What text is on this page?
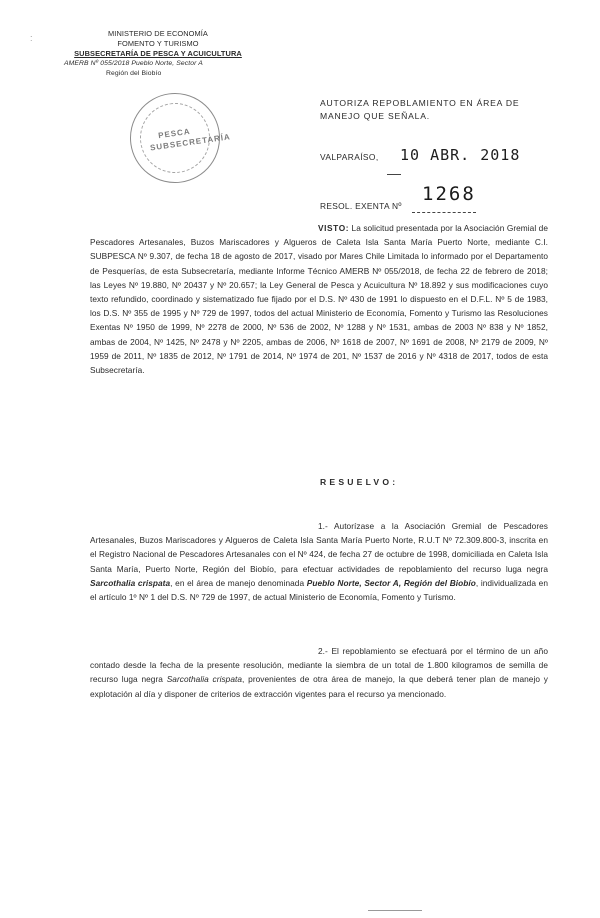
:	MINISTERIO DE ECONOMÍA
FOMENTO Y TURISMO
SUBSECRETARÍA DE PESCA Y ACUICULTURA
AMERB Nº 055/2018 Pueblo Norte, Sector A
Región del Biobío
PESCA SUBSECRETARÍA
AUTORIZA REPOBLAMIENTO EN ÁREA DE MANEJO QUE SEÑALA.
VALPARAÍSO, 10 ABR. 2018
RESOL. EXENTA Nº
1268
VISTO: La solicitud presentada por la Asociación Gremial de Pescadores Artesanales, Buzos Mariscadores y Algueros de Caleta Isla Santa María Puerto Norte, mediante C.I. SUBPESCA Nº 9.307, de fecha 18 de agosto de 2017, visado por Mares Chile Limitada lo informado por el Departamento de Pesquerías, de esta Subsecretaría, mediante Informe Técnico AMERB Nº 055/2018, de fecha 22 de febrero de 2018; las Leyes Nº 19.880, Nº 20437 y Nº 20.657; la Ley General de Pesca y Acuicultura Nº 18.892 y sus modificaciones cuyo texto refundido, coordinado y sistematizado fue fijado por el D.S. Nº 430 de 1991 lo dispuesto en el D.F.L. Nº 5 de 1983, los D.S. Nº 355 de 1995 y Nº 729 de 1997, todos del actual Ministerio de Economía, Fomento y Turismo las Resoluciones Exentas Nº 1950 de 1999, Nº 2278 de 2000, Nº 536 de 2002, Nº 1288 y Nº 1531, ambas de 2003 Nº 838 y Nº 1852, ambas de 2004, Nº 1425, Nº 2478 y Nº 2205, ambas de 2006, Nº 1618 de 2007, Nº 1691 de 2008, Nº 2179 de 2009, Nº 1959 de 2011, Nº 1835 de 2012, Nº 1791 de 2014, Nº 1974 de 201, Nº 1537 de 2016 y Nº 4318 de 2017, todos de esta Subsecretaría.
RESUELVO:
1.- Autorízase a la Asociación Gremial de Pescadores Artesanales, Buzos Mariscadores y Algueros de Caleta Isla Santa María Puerto Norte, R.U.T Nº 72.309.800-3, inscrita en el Registro Nacional de Pescadores Artesanales con el Nº 424, de fecha 27 de octubre de 1998, domiciliada en Caleta Isla Santa María, Puerto Norte, Región del Biobío, para efectuar actividades de repoblamiento del recurso luga negra Sarcothalia crispata, en el área de manejo denominada Pueblo Norte, Sector A, Región del Biobío, individualizada en el artículo 1º Nº 1 del D.S. Nº 729 de 1997, de actual Ministerio de Economía, Fomento y Turismo.
2.- El repoblamiento se efectuará por el término de un año contado desde la fecha de la presente resolución, mediante la siembra de un total de 1.800 kilogramos de semilla de recurso luga negra Sarcothalia crispata, provenientes de otra área de manejo, la que deberá tener plan de manejo y explotación al día y disponer de criterios de extracción vigentes para el recurso ya mencionado.
